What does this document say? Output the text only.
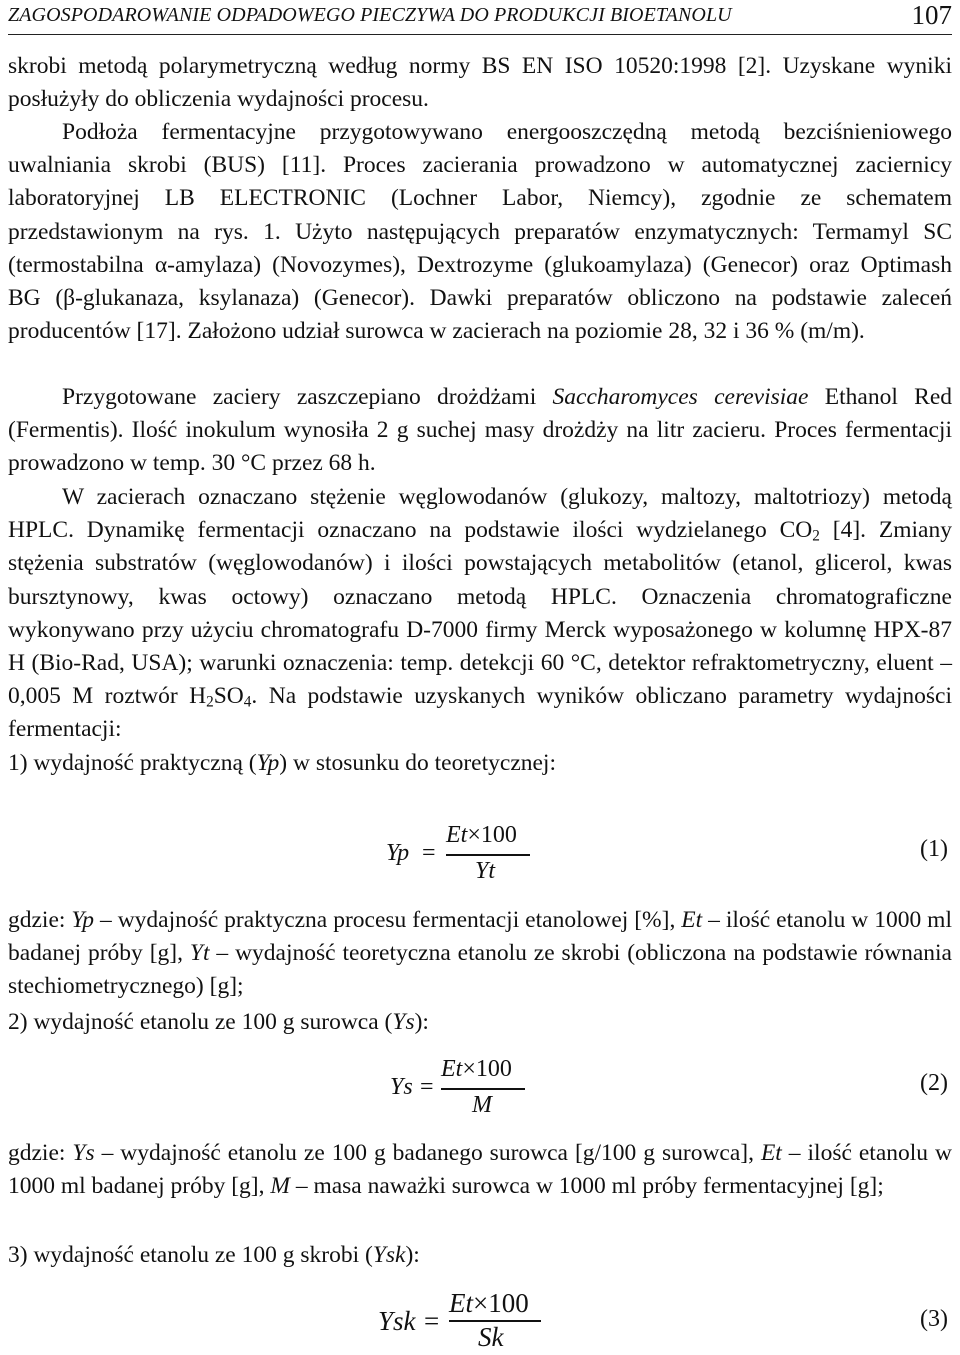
ZAGOSPODAROWANIE ODPADOWEGO PIECZYWA DO PRODUKCJI BIOETANOLU	107

skrobi metodą polarymetryczną według normy BS EN ISO 10520:1998 [2]. Uzyskane wyniki posłużyły do obliczenia wydajności procesu.

Podłoża fermentacyjne przygotowywano energooszczędną metodą bezciśnieniowego uwalniania skrobi (BUS) [11]. Proces zacierania prowadzono w automatycznej zaciernicy laboratoryjnej LB ELECTRONIC (Lochner Labor, Niemcy), zgodnie ze schematem przedstawionym na rys. 1. Użyto następujących preparatów enzymatycznych: Termamyl SC (termostabilna α-amylaza) (Novozymes), Dextrozyme (glukoamylaza) (Genecor) oraz Optimash BG (β-glukanaza, ksylanaza) (Genecor). Dawki preparatów obliczono na podstawie zaleceń producentów [17]. Założono udział surowca w zacierach na poziomie 28, 32 i 36 % (m/m).

Przygotowane zaciery zaszczepiano drożdżami Saccharomyces cerevisiae Ethanol Red (Fermentis). Ilość inokulum wynosiła 2 g suchej masy drożdży na litr zacieru. Proces fermentacji prowadzono w temp. 30 °C przez 68 h.

W zacierach oznaczano stężenie węglowodanów (glukozy, maltozy, maltotriozy) metodą HPLC. Dynamikę fermentacji oznaczano na podstawie ilości wydzielanego $CO_2$ [4]. Zmiany stężenia substratów (węglowodanów) i ilości powstających metabolitów (etanol, glicerol, kwas bursztynowy, kwas octowy) oznaczano metodą HPLC. Oznaczenia chromatograficzne wykonywano przy użyciu chromatografu D-7000 firmy Merck wyposażonego w kolumnę HPX-87 H (Bio-Rad, USA); warunki oznaczenia: temp. detekcji 60 °C, detektor refraktometryczny, eluent – 0,005 M roztwór $H_2SO_4$. Na podstawie uzyskanych wyników obliczano parametry wydajności fermentacji:

1) wydajność praktyczną (Yp) w stosunku do teoretycznej:

Yp =
Et×100
Yt
(1)

gdzie: Yp – wydajność praktyczna procesu fermentacji etanolowej [%], Et – ilość etanolu w 1000 ml badanej próby [g], Yt – wydajność teoretyczna etanolu ze skrobi (obliczona na podstawie równania stechiometrycznego) [g];

2) wydajność etanolu ze 100 g surowca (Ys):

Ys =
Et×100
M
(2)

gdzie: Ys – wydajność etanolu ze 100 g badanego surowca [g/100 g surowca], Et – ilość etanolu w 1000 ml badanej próby [g], M – masa naważki surowca w 1000 ml próby fermentacyjnej [g];

3) wydajność etanolu ze 100 g skrobi (Ysk):

Ysk =
Et×100
Sk
(3)
